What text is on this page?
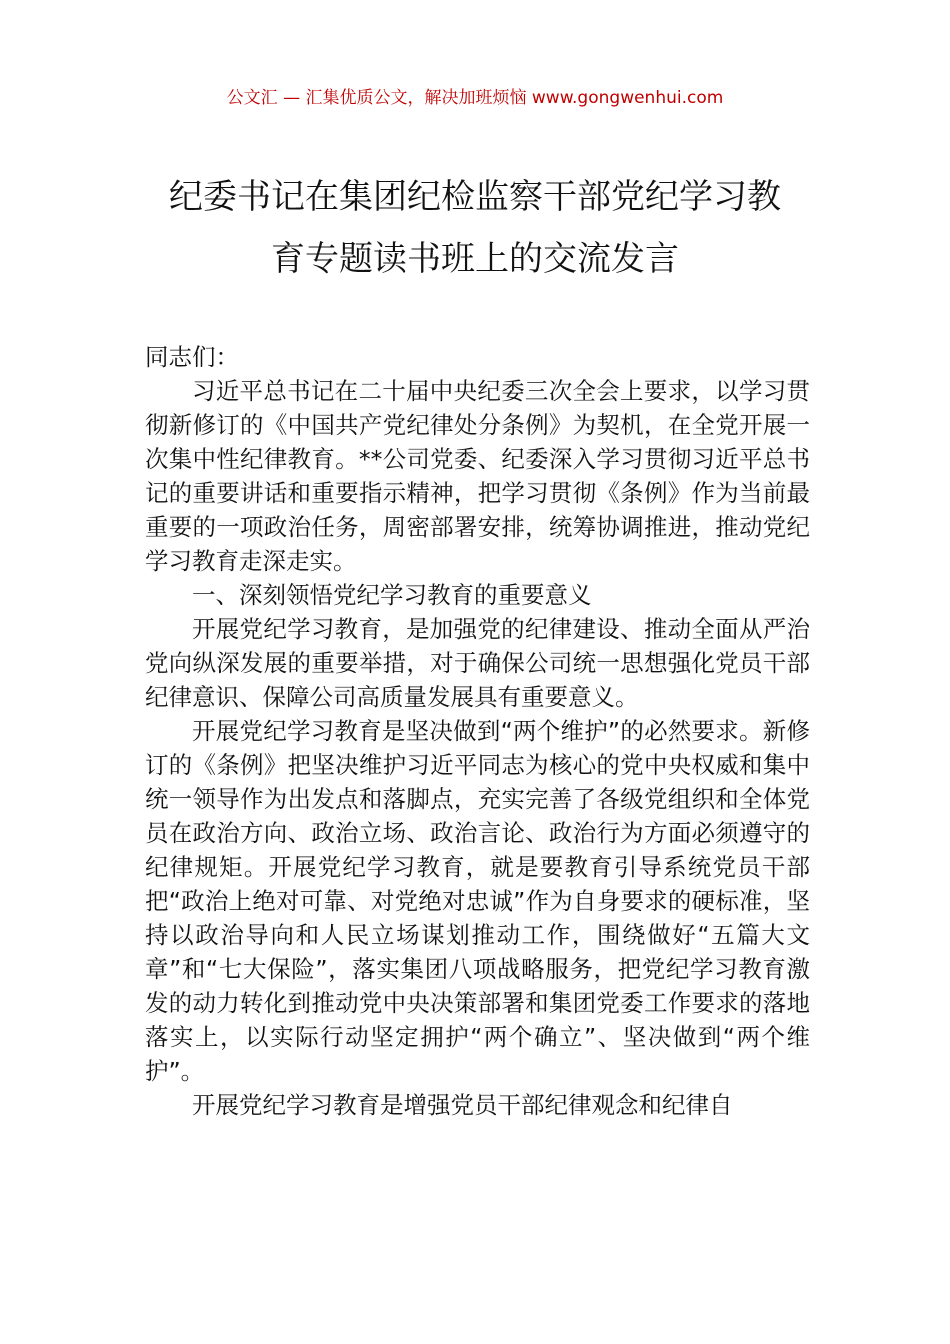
公文汇 — 汇集优质公文，解决加班烦恼 www.gongwenhui.com
纪委书记在集团纪检监察干部党纪学习教
育专题读书班上的交流发言

同志们：

习近平总书记在二十届中央纪委三次全会上要求，以学习贯彻新修订的《中国共产党纪律处分条例》为契机，在全党开展一次集中性纪律教育。**公司党委、纪委深入学习贯彻习近平总书记的重要讲话和重要指示精神，把学习贯彻《条例》作为当前最重要的一项政治任务，周密部署安排，统筹协调推进，推动党纪学习教育走深走实。

一、深刻领悟党纪学习教育的重要意义

开展党纪学习教育，是加强党的纪律建设、推动全面从严治党向纵深发展的重要举措，对于确保公司统一思想强化党员干部纪律意识、保障公司高质量发展具有重要意义。

开展党纪学习教育是坚决做到“两个维护”的必然要求。新修订的《条例》把坚决维护习近平同志为核心的党中央权威和集中统一领导作为出发点和落脚点，充实完善了各级党组织和全体党员在政治方向、政治立场、政治言论、政治行为方面必须遵守的纪律规矩。开展党纪学习教育，就是要教育引导系统党员干部把“政治上绝对可靠、对党绝对忠诚”作为自身要求的硬标准，坚持以政治导向和人民立场谋划推动工作，围绕做好“五篇大文章”和“七大保险”，落实集团八项战略服务，把党纪学习教育激发的动力转化到推动党中央决策部署和集团党委工作要求的落地落实上，以实际行动坚定拥护“两个确立”、坚决做到“两个维护”。

开展党纪学习教育是增强党员干部纪律观念和纪律自
